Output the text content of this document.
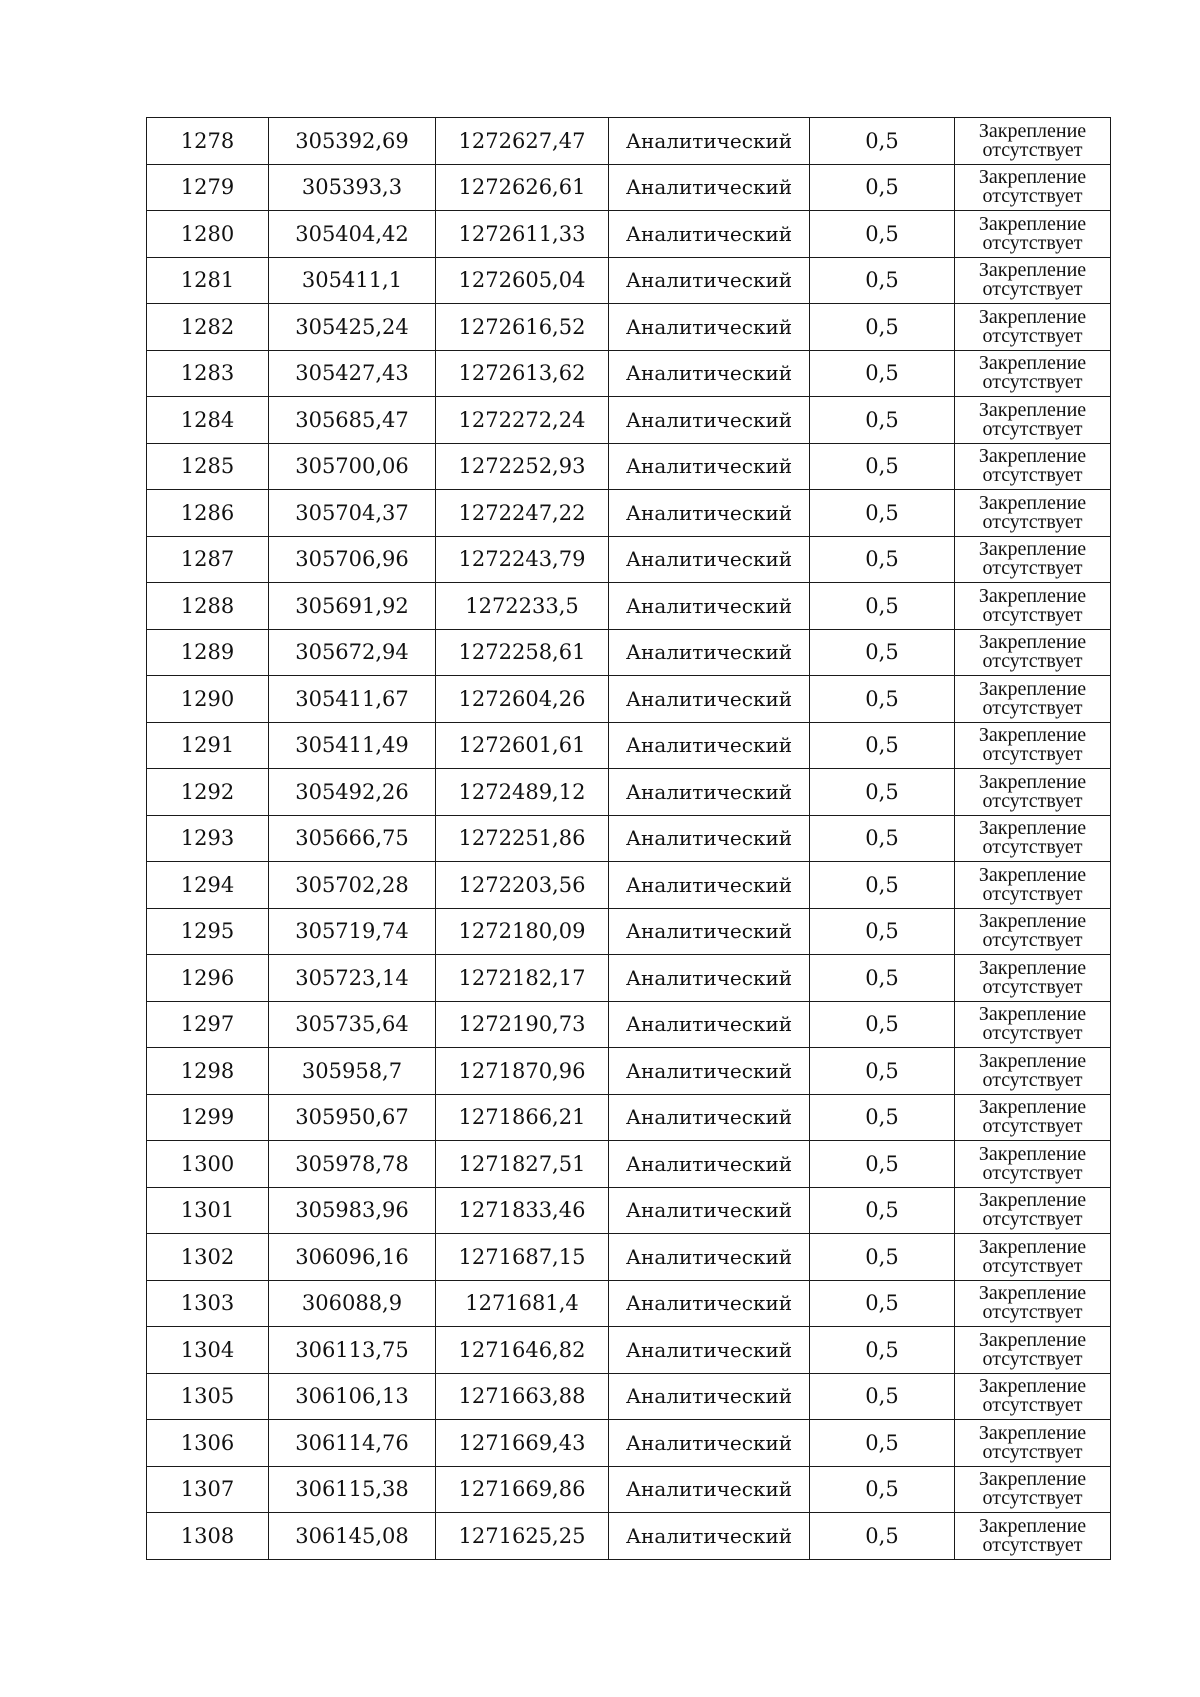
1278	305392,69	1272627,47	Аналитический	0,5	Закрепление
отсутствует

1279	305393,3	1272626,61	Аналитический	0,5	Закрепление
отсутствует

1280	305404,42	1272611,33	Аналитический	0,5	Закрепление
отсутствует

1281	305411,1	1272605,04	Аналитический	0,5	Закрепление
отсутствует

1282	305425,24	1272616,52	Аналитический	0,5	Закрепление
отсутствует

1283	305427,43	1272613,62	Аналитический	0,5	Закрепление
отсутствует

1284	305685,47	1272272,24	Аналитический	0,5	Закрепление
отсутствует

1285	305700,06	1272252,93	Аналитический	0,5	Закрепление
отсутствует

1286	305704,37	1272247,22	Аналитический	0,5	Закрепление
отсутствует

1287	305706,96	1272243,79	Аналитический	0,5	Закрепление
отсутствует

1288	305691,92	1272233,5	Аналитический	0,5	Закрепление
отсутствует

1289	305672,94	1272258,61	Аналитический	0,5	Закрепление
отсутствует

1290	305411,67	1272604,26	Аналитический	0,5	Закрепление
отсутствует

1291	305411,49	1272601,61	Аналитический	0,5	Закрепление
отсутствует

1292	305492,26	1272489,12	Аналитический	0,5	Закрепление
отсутствует

1293	305666,75	1272251,86	Аналитический	0,5	Закрепление
отсутствует

1294	305702,28	1272203,56	Аналитический	0,5	Закрепление
отсутствует

1295	305719,74	1272180,09	Аналитический	0,5	Закрепление
отсутствует

1296	305723,14	1272182,17	Аналитический	0,5	Закрепление
отсутствует

1297	305735,64	1272190,73	Аналитический	0,5	Закрепление
отсутствует

1298	305958,7	1271870,96	Аналитический	0,5	Закрепление
отсутствует

1299	305950,67	1271866,21	Аналитический	0,5	Закрепление
отсутствует

1300	305978,78	1271827,51	Аналитический	0,5	Закрепление
отсутствует

1301	305983,96	1271833,46	Аналитический	0,5	Закрепление
отсутствует

1302	306096,16	1271687,15	Аналитический	0,5	Закрепление
отсутствует

1303	306088,9	1271681,4	Аналитический	0,5	Закрепление
отсутствует

1304	306113,75	1271646,82	Аналитический	0,5	Закрепление
отсутствует

1305	306106,13	1271663,88	Аналитический	0,5	Закрепление
отсутствует

1306	306114,76	1271669,43	Аналитический	0,5	Закрепление
отсутствует

1307	306115,38	1271669,86	Аналитический	0,5	Закрепление
отсутствует

1308	306145,08	1271625,25	Аналитический	0,5	Закрепление
отсутствует
